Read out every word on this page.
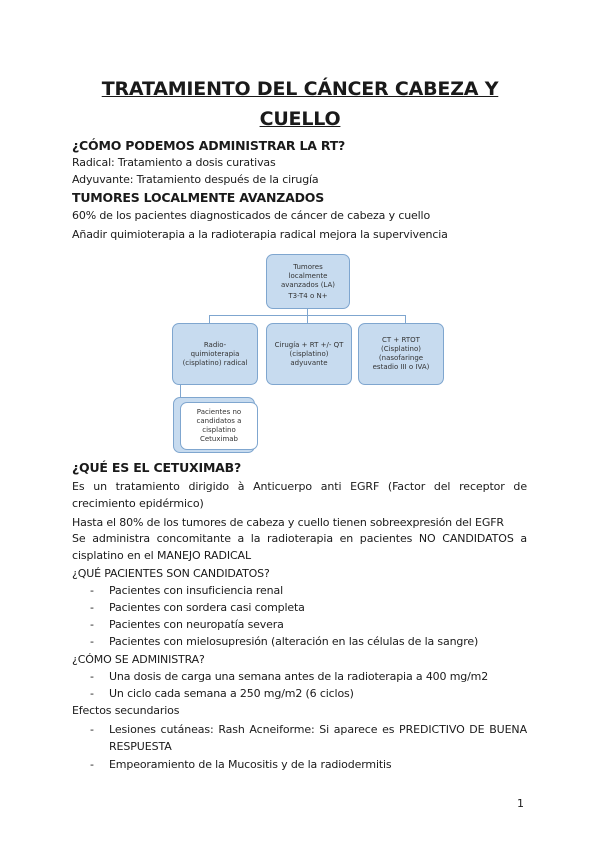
TRATAMIENTO DEL CÁNCER CABEZA Y
CUELLO
¿CÓMO PODEMOS ADMINISTRAR LA RT?
Radical: Tratamiento a dosis curativas
Adyuvante: Tratamiento después de la cirugía
TUMORES LOCALMENTE AVANZADOS
60% de los pacientes diagnosticados de cáncer de cabeza y cuello
Añadir quimioterapia a la radioterapia radical mejora la supervivencia
Tumores
localmente
avanzados (LA)
T3-T4 o N+
Radio-
quimioterapia
(cisplatino) radical
Cirugía + RT +/- QT
(cisplatino)
adyuvante
CT + RTOT
(Cisplatino)
(nasofaringe
estadio III o IVA)
Pacientes no
candidatos a
cisplatino
Cetuximab
¿QUÉ ES EL CETUXIMAB?
Es un tratamiento dirigido à Anticuerpo anti EGRF (Factor del receptor de crecimiento epidérmico)
Hasta el 80% de los tumores de cabeza y cuello tienen sobreexpresión del EGFR
Se administra concomitante a la radioterapia en pacientes NO CANDIDATOS a cisplatino en el MANEJO RADICAL
¿QUÉ PACIENTES SON CANDIDATOS?
- Pacientes con insuficiencia renal
- Pacientes con sordera casi completa
- Pacientes con neuropatía severa
- Pacientes con mielosupresión (alteración en las células de la sangre)
¿CÓMO SE ADMINISTRA?
- Una dosis de carga una semana antes de la radioterapia a 400 mg/m2
- Un ciclo cada semana a 250 mg/m2 (6 ciclos)
Efectos secundarios
- Lesiones cutáneas: Rash Acneiforme: Si aparece es PREDICTIVO DE BUENA RESPUESTA
- Empeoramiento de la Mucositis y de la radiodermitis
1
